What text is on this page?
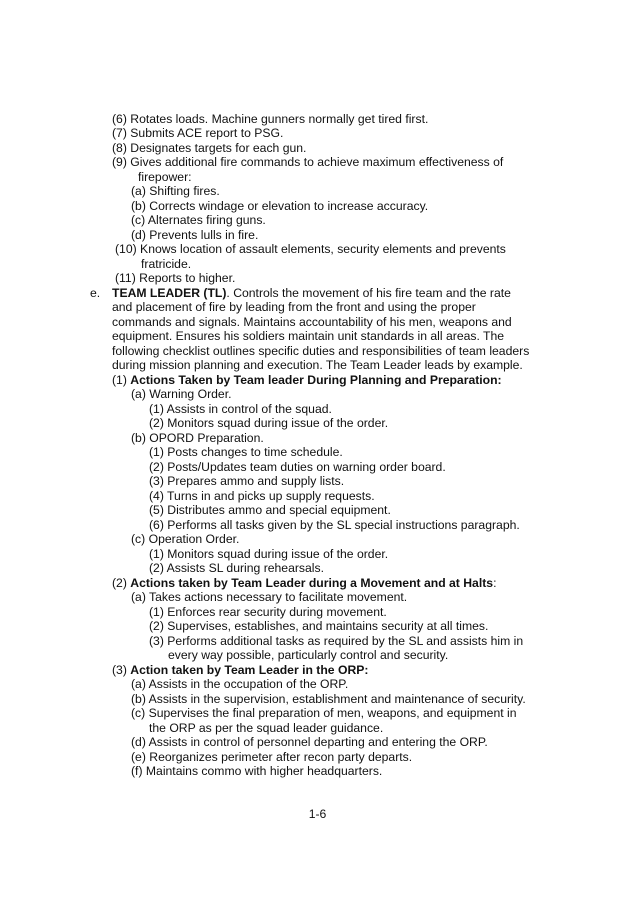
(6) Rotates loads. Machine gunners normally get tired first.
(7) Submits ACE report to PSG.
(8) Designates targets for each gun.
(9) Gives additional fire commands to achieve maximum effectiveness of
firepower:
(a) Shifting fires.
(b) Corrects windage or elevation to increase accuracy.
(c) Alternates firing guns.
(d) Prevents lulls in fire.
(10) Knows location of assault elements, security elements and prevents
fratricide.
(11) Reports to higher.
e. TEAM LEADER (TL). Controls the movement of his fire team and the rate
and placement of fire by leading from the front and using the proper
commands and signals. Maintains accountability of his men, weapons and
equipment. Ensures his soldiers maintain unit standards in all areas. The
following checklist outlines specific duties and responsibilities of team leaders
during mission planning and execution. The Team Leader leads by example.
(1) Actions Taken by Team leader During Planning and Preparation:
(a) Warning Order.
(1) Assists in control of the squad.
(2) Monitors squad during issue of the order.
(b) OPORD Preparation.
(1) Posts changes to time schedule.
(2) Posts/Updates team duties on warning order board.
(3) Prepares ammo and supply lists.
(4) Turns in and picks up supply requests.
(5) Distributes ammo and special equipment.
(6) Performs all tasks given by the SL special instructions paragraph.
(c) Operation Order.
(1) Monitors squad during issue of the order.
(2) Assists SL during rehearsals.
(2) Actions taken by Team Leader during a Movement and at Halts:
(a) Takes actions necessary to facilitate movement.
(1) Enforces rear security during movement.
(2) Supervises, establishes, and maintains security at all times.
(3) Performs additional tasks as required by the SL and assists him in
every way possible, particularly control and security.
(3) Action taken by Team Leader in the ORP:
(a) Assists in the occupation of the ORP.
(b) Assists in the supervision, establishment and maintenance of security.
(c) Supervises the final preparation of men, weapons, and equipment in
the ORP as per the squad leader guidance.
(d) Assists in control of personnel departing and entering the ORP.
(e) Reorganizes perimeter after recon party departs.
(f) Maintains commo with higher headquarters.
1-6
